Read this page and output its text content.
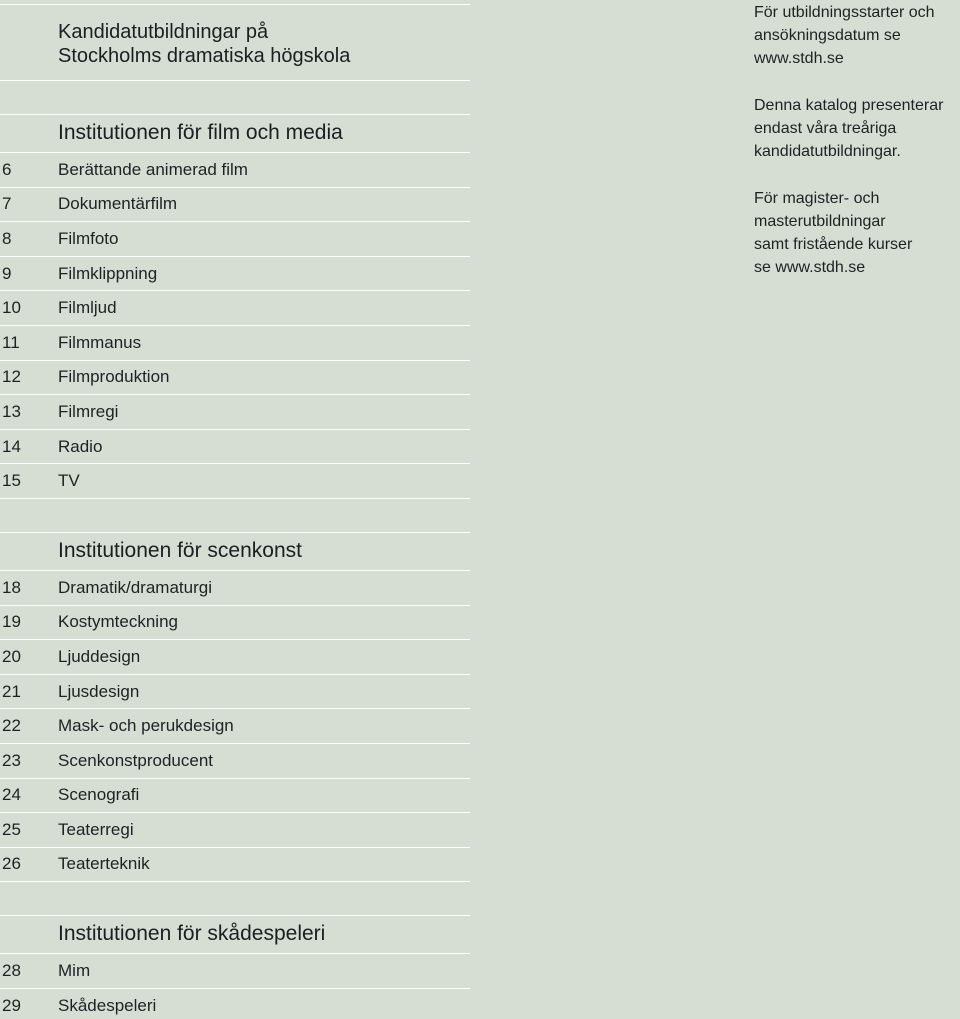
Kandidatutbildningar på
Stockholms dramatiska högskola
Institutionen för film och media
6	Berättande animerad film
7	Dokumentärfilm
8	Filmfoto
9	Filmklippning
10	Filmljud
11	Filmmanus
12	Filmproduktion
13	Filmregi
14	Radio
15	TV
Institutionen för scenkonst
18	Dramatik/dramaturgi
19	Kostymteckning
20	Ljuddesign
21	Ljusdesign
22	Mask- och perukdesign
23	Scenkonstproducent
24	Scenografi
25	Teaterregi
26	Teaterteknik
Institutionen för skådespeleri
28	Mim
29	Skådespeleri

För utbildningsstarter och
ansökningsdatum se
www.stdh.se

Denna katalog presenterar
endast våra treåriga
kandidatutbildningar.

För magister- och
masterutbildningar
samt fristående kurser
se www.stdh.se
